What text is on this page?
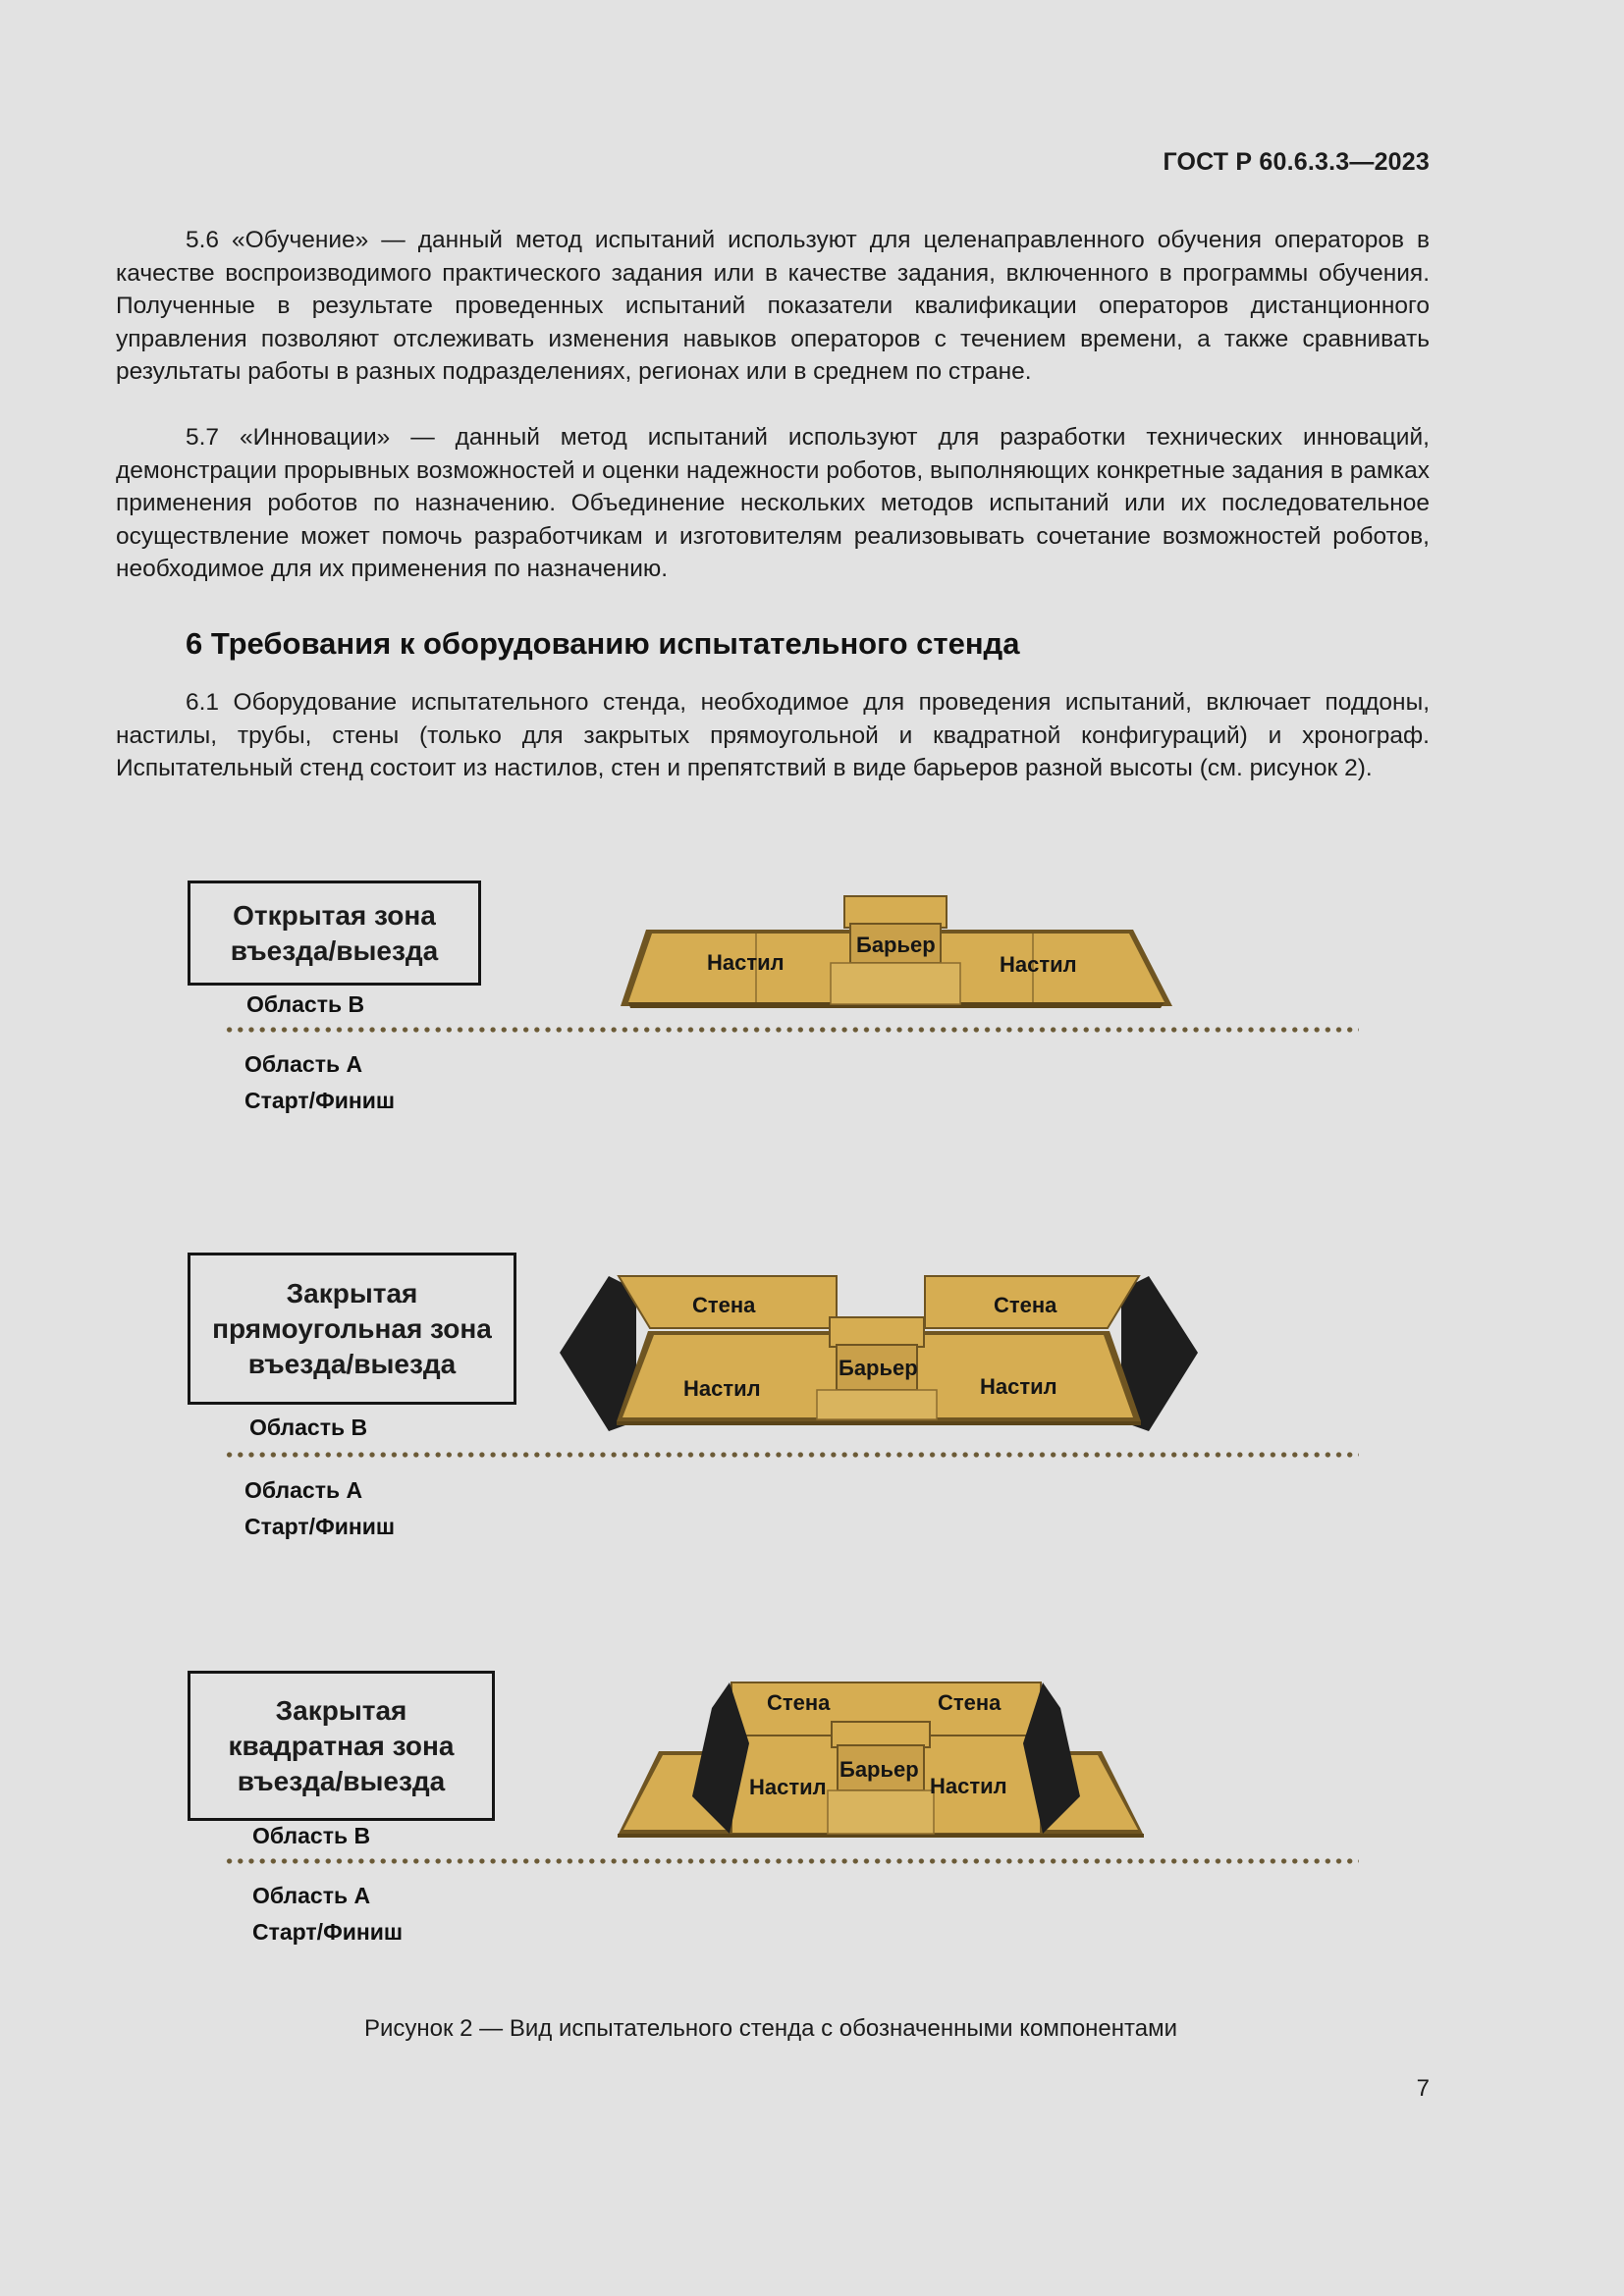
ГОСТ Р 60.6.3.3—2023

5.6 «Обучение» — данный метод испытаний используют для целенаправленного обучения операторов в качестве воспроизводимого практического задания или в качестве задания, включенного в программы обучения. Полученные в результате проведенных испытаний показатели квалификации операторов дистанционного управления позволяют отслеживать изменения навыков операторов с течением времени, а также сравнивать результаты работы в разных подразделениях, регионах или в среднем по стране.

5.7 «Инновации» — данный метод испытаний используют для разработки технических инноваций, демонстрации прорывных возможностей и оценки надежности роботов, выполняющих конкретные задания в рамках применения роботов по назначению. Объединение нескольких методов испытаний или их последовательное осуществление может помочь разработчикам и изготовителям реализовывать сочетание возможностей роботов, необходимое для их применения по назначению.

6 Требования к оборудованию испытательного стенда

6.1 Оборудование испытательного стенда, необходимое для проведения испытаний, включает поддоны, настилы, трубы, стены (только для закрытых прямоугольной и квадратной конфигураций) и хронограф. Испытательный стенд состоит из настилов, стен и препятствий в виде барьеров разной высоты (см. рисунок 2).

Открытая зона
въезда/выезда
Область B
Область A
Старт/Финиш
Барьер
Настил	Настил
Закрытая
прямоугольная зона
въезда/выезда
Область B
Область A
Старт/Финиш
Стена	Стена
Барьер
Настил	Настил
Закрытая
квадратная зона
въезда/выезда
Область B
Область A
Старт/Финиш
Стена	Стена
Барьер
Настил	Настил
Рисунок 2 — Вид испытательного стенда с обозначенными компонентами
7
